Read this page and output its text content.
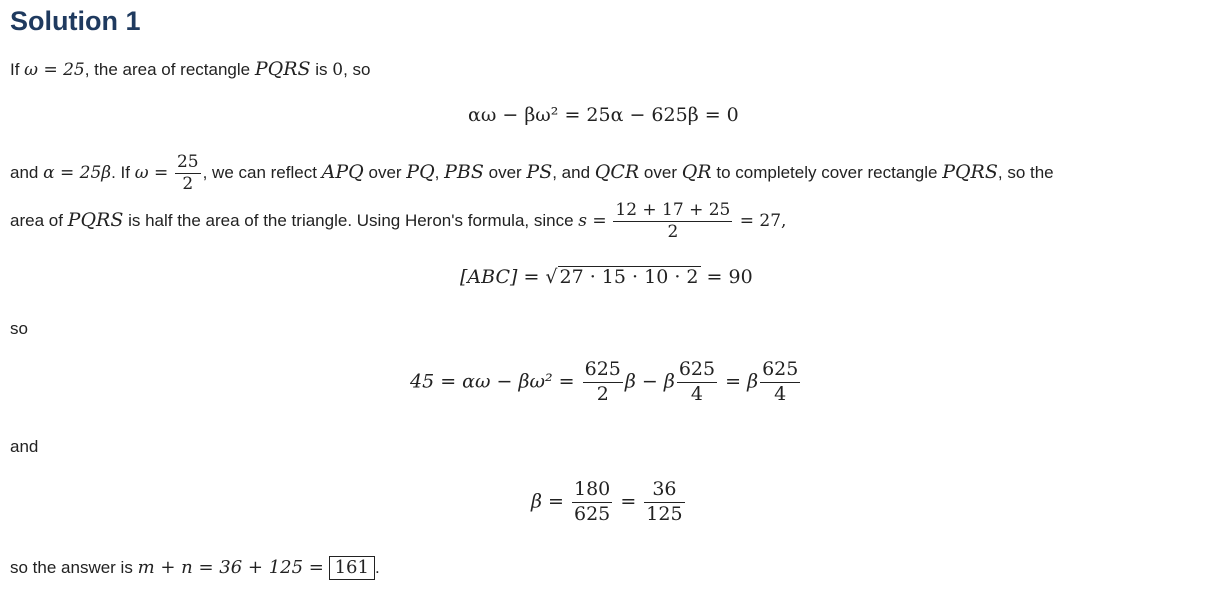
Solution 1
If ω = 25, the area of rectangle PQRS is 0, so
αω − βω² = 25α − 625β = 0
and α = 25β. If $\omega = \frac{25}{2}$ , we can reflect APQ over PQ, PBS over PS, and QCR over QR to completely cover rectangle PQRS, so the
area of PQRS is half the area of the triangle. Using Heron's formula, since $s = \frac{12 + 17 + 25}{2} = 27$,
[ABC] = √ 27 · 15 · 10 · 2 = 90
so
$45 = \alpha\omega - \beta\omega^2 = \frac{625}{2}$ β − β $\frac{625}{4} = \beta \frac{625}{4}$
and
$\beta = \frac{180}{625} = \frac{36}{125}$
so the answer is m + n = 36 + 125 = 161 .
